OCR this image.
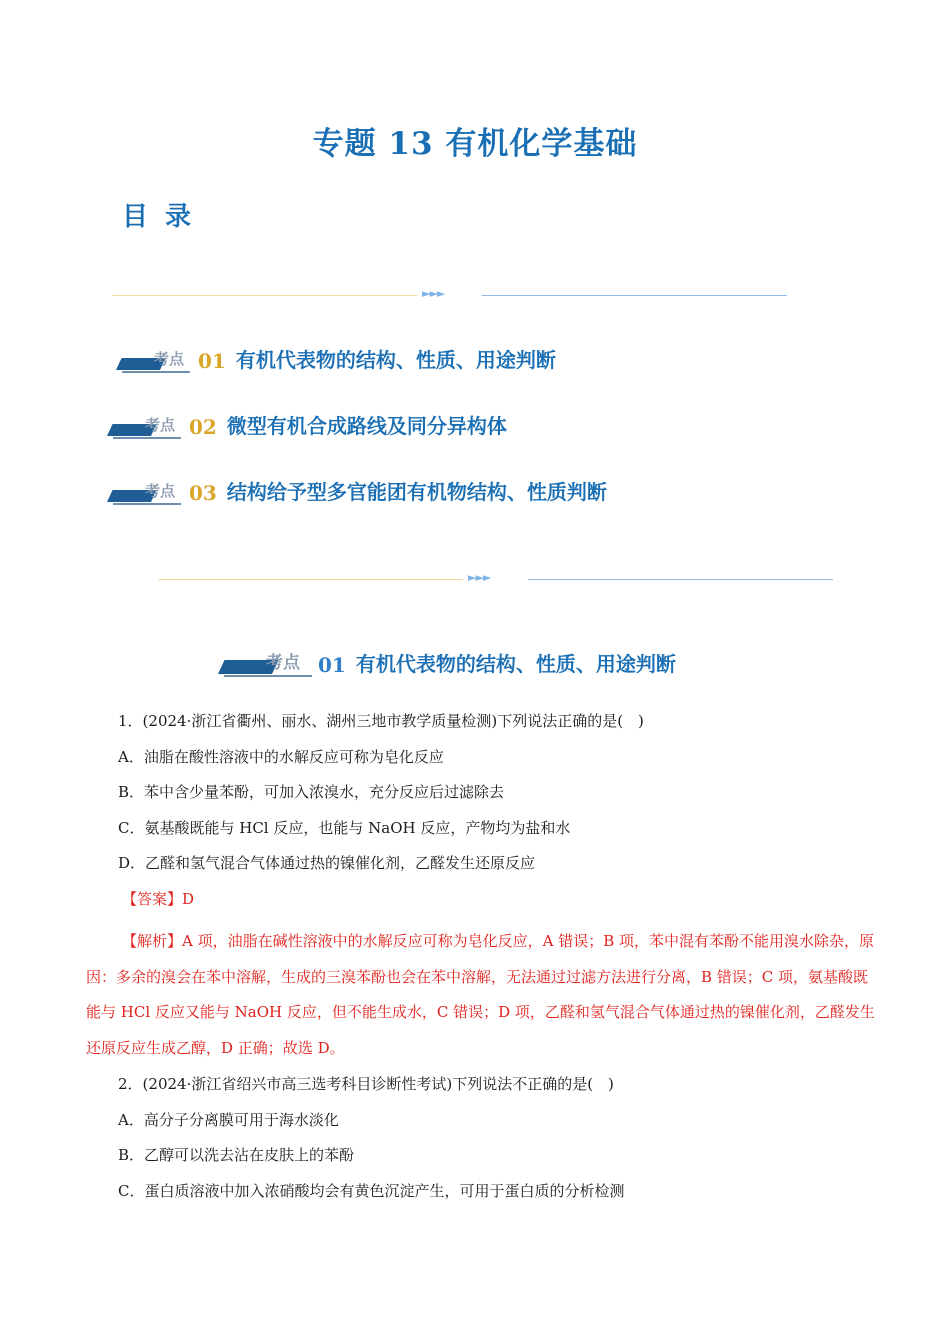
专题 13 有机化学基础
目 录
►►►
考点 01 有机代表物的结构、性质、用途判断
考点 02 微型有机合成路线及同分异构体
考点 03 结构给予型多官能团有机物结构、性质判断
►►►
考点 01 有机代表物的结构、性质、用途判断
1．(2024·浙江省衢州、丽水、湖州三地市教学质量检测)下列说法正确的是(　)
A．油脂在酸性溶液中的水解反应可称为皂化反应
B．苯中含少量苯酚，可加入浓溴水，充分反应后过滤除去
C．氨基酸既能与 HCl 反应，也能与 NaOH 反应，产物均为盐和水
D．乙醛和氢气混合气体通过热的镍催化剂，乙醛发生还原反应
【答案】D
【解析】A 项，油脂在碱性溶液中的水解反应可称为皂化反应，A 错误；B 项，苯中混有苯酚不能用溴水除杂，原因：多余的溴会在苯中溶解，生成的三溴苯酚也会在苯中溶解，无法通过过滤方法进行分离，B 错误；C 项，氨基酸既能与 HCl 反应又能与 NaOH 反应，但不能生成水，C 错误；D 项，乙醛和氢气混合气体通过热的镍催化剂，乙醛发生还原反应生成乙醇，D 正确；故选 D。
2．(2024·浙江省绍兴市高三选考科目诊断性考试)下列说法不正确的是(　)
A．高分子分离膜可用于海水淡化
B．乙醇可以洗去沾在皮肤上的苯酚
C．蛋白质溶液中加入浓硝酸均会有黄色沉淀产生，可用于蛋白质的分析检测
